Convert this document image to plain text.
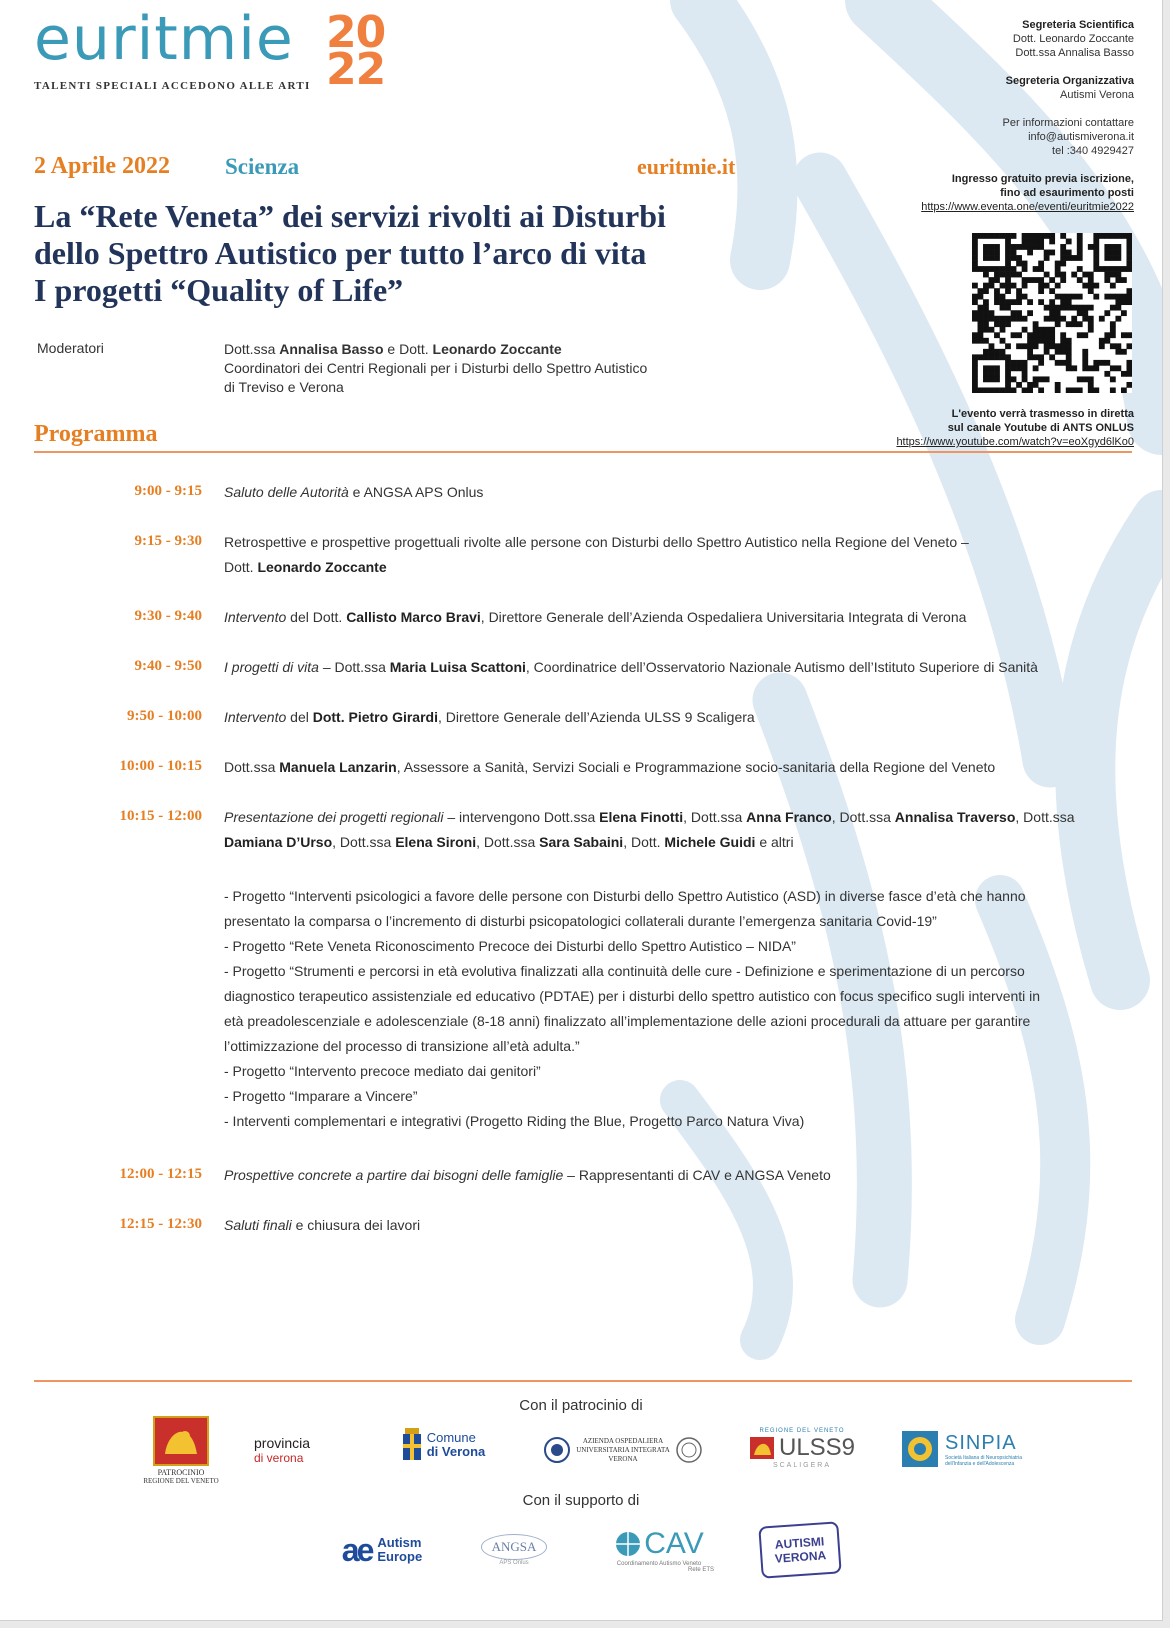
euritmie 20
22
TALENTI SPECIALI ACCEDONO ALLE ARTI
Segreteria Scientifica
Dott. Leonardo Zoccante
Dott.ssa Annalisa Basso
Segreteria Organizzativa
Autismi Verona
Per informazioni contattare
info@autismiverona.it
tel :340 4929427
Ingresso gratuito previa iscrizione,
fino ad esaurimento posti
https://www.eventa.one/eventi/euritmie2022
L'evento verrà trasmesso in diretta
sul canale Youtube di ANTS ONLUS
https://www.youtube.com/watch?v=eoXgyd6lKo0
2 Aprile 2022 Scienza	euritmie.it
La “Rete Veneta” dei servizi rivolti ai Disturbi
dello Spettro Autistico per tutto l’arco di vita
I progetti “Quality of Life”
Moderatori	Dott.ssa Annalisa Basso e Dott. Leonardo Zoccante
Coordinatori dei Centri Regionali per i Disturbi dello Spettro Autistico
di Treviso e Verona
Programma
9:00 - 9:15 Saluto delle Autorità e ANGSA APS Onlus
9:15 - 9:30 Retrospettive e prospettive progettuali rivolte alle persone con Disturbi dello Spettro Autistico nella Regione del Veneto –
Dott. Leonardo Zoccante
9:30 - 9:40 Intervento del Dott. Callisto Marco Bravi, Direttore Generale dell’Azienda Ospedaliera Universitaria Integrata di Verona
9:40 - 9:50 I progetti di vita – Dott.ssa Maria Luisa Scattoni, Coordinatrice dell’Osservatorio Nazionale Autismo dell’Istituto Superiore di Sanità
9:50 - 10:00 Intervento del Dott. Pietro Girardi, Direttore Generale dell’Azienda ULSS 9 Scaligera
10:00 - 10:15 Dott.ssa Manuela Lanzarin, Assessore a Sanità, Servizi Sociali e Programmazione socio-sanitaria della Regione del Veneto
10:15 - 12:00 Presentazione dei progetti regionali – intervengono Dott.ssa Elena Finotti, Dott.ssa Anna Franco, Dott.ssa Annalisa Traverso, Dott.ssa
Damiana D’Urso, Dott.ssa Elena Sironi, Dott.ssa Sara Sabaini, Dott. Michele Guidi e altri
- Progetto “Interventi psicologici a favore delle persone con Disturbi dello Spettro Autistico (ASD) in diverse fasce d’età che hanno
presentato la comparsa o l’incremento di disturbi psicopatologici collaterali durante l’emergenza sanitaria Covid-19”
- Progetto “Rete Veneta Riconoscimento Precoce dei Disturbi dello Spettro Autistico – NIDA”
- Progetto “Strumenti e percorsi in età evolutiva finalizzati alla continuità delle cure - Definizione e sperimentazione di un percorso
diagnostico terapeutico assistenziale ed educativo (PDTAE) per i disturbi dello spettro autistico con focus specifico sugli interventi in
età preadolescenziale e adolescenziale (8-18 anni) finalizzato all’implementazione delle azioni procedurali da attuare per garantire
l’ottimizzazione del processo di transizione all’età adulta.”
- Progetto “Intervento precoce mediato dai genitori”
- Progetto “Imparare a Vincere”
- Interventi complementari e integrativi (Progetto Riding the Blue, Progetto Parco Natura Viva)
12:00 - 12:15 Prospettive concrete a partire dai bisogni delle famiglie – Rappresentanti di CAV e ANGSA Veneto
12:15 - 12:30 Saluti finali e chiusura dei lavori
Con il patrocinio di
PATROCINIO
REGIONE DEL VENETO
provincia
di verona
Comune
di Verona
AZIENDA OSPEDALIERA
UNIVERSITARIA INTEGRATA
VERONA
REGIONE DEL VENETO
ULSS9
SCALIGERA
SINPIA
Società Italiana di Neuropsichiatria dell'Infanzia e dell'Adolescenza
Con il supporto di
ae Autism
Europe
ANGSA
APS Onlus
CAV
Coordinamento Autismo Veneto
Rete ETS
AUTISMI
VERONA
